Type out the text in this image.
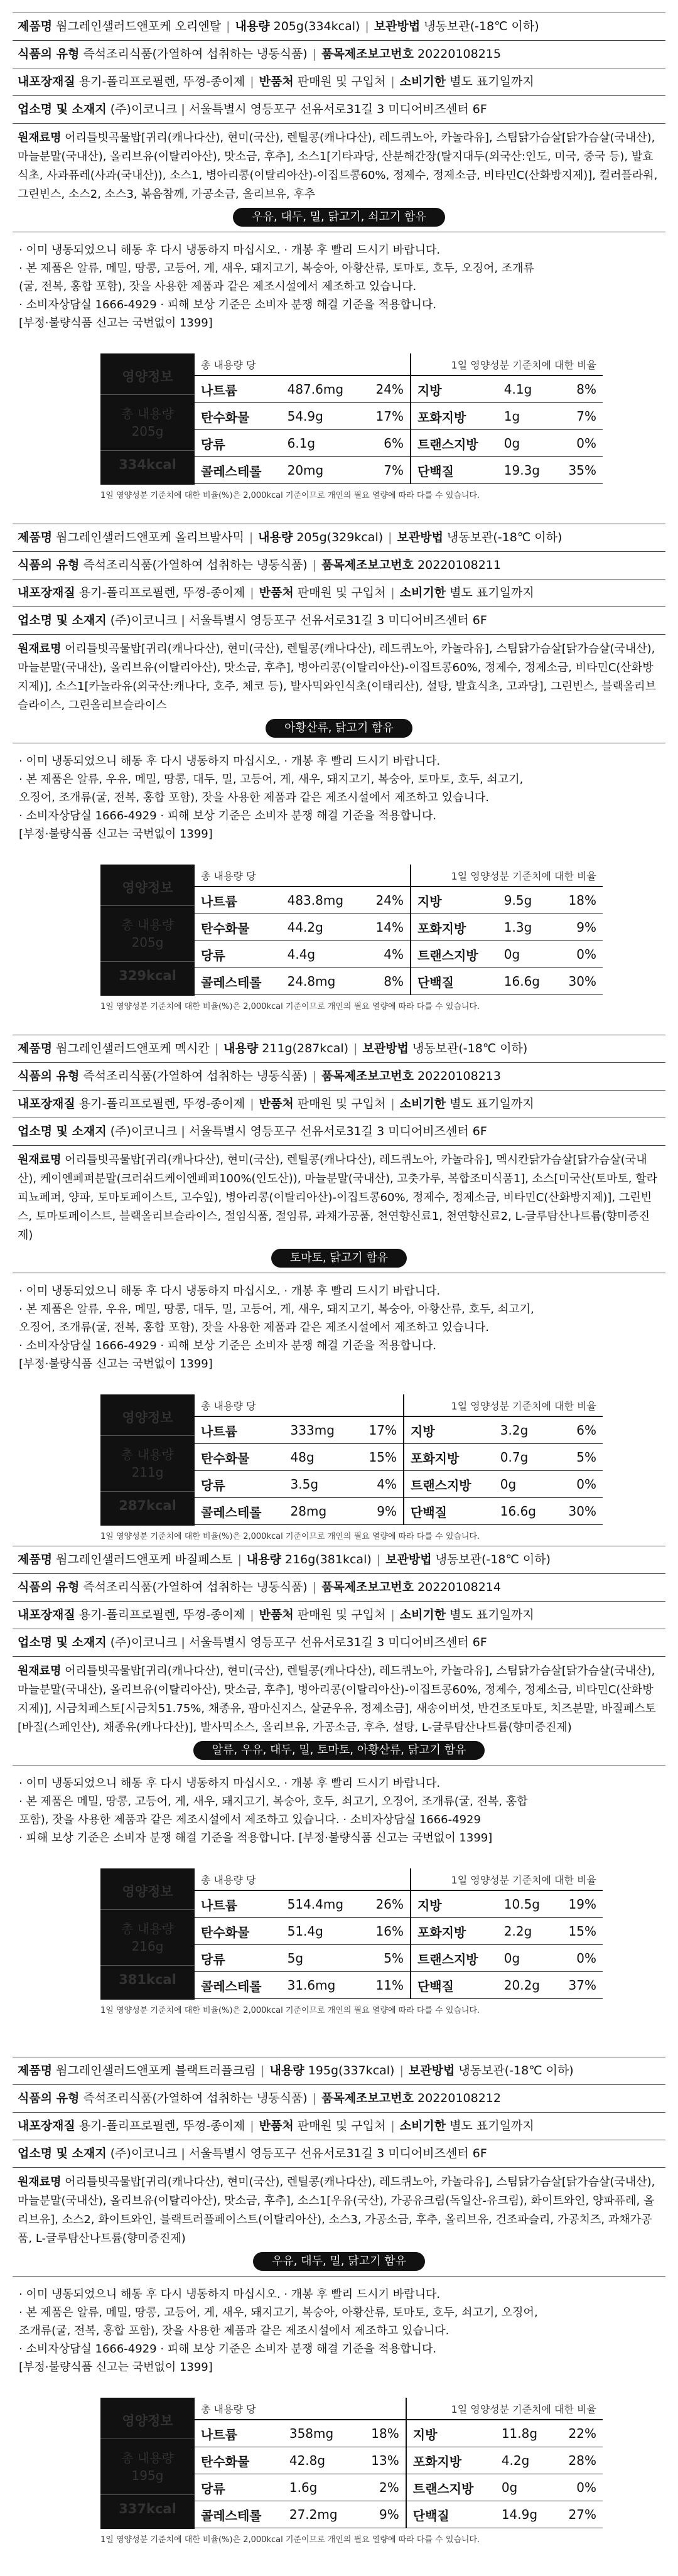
제품명 웜그레인샐러드앤포케 오리엔탈 | 내용량 205g(334kcal) | 보관방법 냉동보관(-18℃ 이하)

식품의 유형 즉석조리식품(가열하여 섭취하는 냉동식품) | 품목제조보고번호 20220108215

내포장재질 용기-폴리프로필렌, 뚜껑-종이제 | 반품처 판매원 및 구입처 | 소비기한 별도 표기일까지

업소명 및 소재지 (주)이코니크 | 서울특별시 영등포구 선유서로31길 3 미디어비즈센터 6F

원재료명 어리틀빗곡물밥[귀리(캐나다산), 현미(국산), 렌틸콩(캐나다산), 레드퀴노아, 카놀라유], 스팀닭가슴살[닭가슴살(국내산), 마늘분말(국내산), 올리브유(이탈리아산), 맛소금, 후추], 소스1[기타과당, 산분해간장(탈지대두(외국산:인도, 미국, 중국 등), 발효식초, 사과퓨레(사과(국내산)), 소스1, 병아리콩(이탈리아산)-이집트콩60%, 정제수, 정제소금, 비타민C(산화방지제)], 컬러플라워, 그린빈스, 소스2, 소스3, 볶음참깨, 가공소금, 올리브유, 후추
우유, 대두, 밀, 닭고기, 쇠고기 함유
· 이미 냉동되었으니 해동 후 다시 냉동하지 마십시오. · 개봉 후 빨리 드시기 바랍니다.
· 본 제품은 알류, 메밀, 땅콩, 고등어, 게, 새우, 돼지고기, 복숭아, 아황산류, 토마토, 호두, 오징어, 조개류
(굴, 전복, 홍합 포함), 잣을 사용한 제품과 같은 제조시설에서 제조하고 있습니다.
· 소비자상담실 1666-4929 · 피해 보상 기준은 소비자 분쟁 해결 기준을 적용합니다.
[부정·불량식품 신고는 국번없이 1399]
영양정보
총 내용량
205g
334kcal	총 내용량 당			1일 영양성분 기준치에 대한 비율		
	나트륨	487.6mg	24%	지방	4.1g	8%
	탄수화물	54.9g	17%	포화지방	1g	7%
	당류	6.1g	6%	트랜스지방	0g	0%
	콜레스테롤	20mg	7%	단백질	19.3g	35%
1일 영양성분 기준치에 대한 비율(%)은 2,000kcal 기준이므로 개인의 필요 열량에 따라 다를 수 있습니다.
제품명 웜그레인샐러드앤포케 올리브발사믹 | 내용량 205g(329kcal) | 보관방법 냉동보관(-18℃ 이하)

식품의 유형 즉석조리식품(가열하여 섭취하는 냉동식품) | 품목제조보고번호 20220108211

내포장재질 용기-폴리프로필렌, 뚜껑-종이제 | 반품처 판매원 및 구입처 | 소비기한 별도 표기일까지

업소명 및 소재지 (주)이코니크 | 서울특별시 영등포구 선유서로31길 3 미디어비즈센터 6F

원재료명 어리틀빗곡물밥[귀리(캐나다산), 현미(국산), 렌틸콩(캐나다산), 레드퀴노아, 카놀라유], 스팀닭가슴살[닭가슴살(국내산), 마늘분말(국내산), 올리브유(이탈리아산), 맛소금, 후추], 병아리콩(이탈리아산)-이집트콩60%, 정제수, 정제소금, 비타민C(산화방지제)], 소스1[카놀라유(외국산:캐나다, 호주, 체코 등), 발사믹와인식초(이태리산), 설탕, 발효식초, 고과당], 그린빈스, 블랙올리브슬라이스, 그린올리브슬라이스
아황산류, 닭고기 함유
· 이미 냉동되었으니 해동 후 다시 냉동하지 마십시오. · 개봉 후 빨리 드시기 바랍니다.
· 본 제품은 알류, 우유, 메밀, 땅콩, 대두, 밀, 고등어, 게, 새우, 돼지고기, 복숭아, 토마토, 호두, 쇠고기,
오징어, 조개류(굴, 전복, 홍합 포함), 잣을 사용한 제품과 같은 제조시설에서 제조하고 있습니다.
· 소비자상담실 1666-4929 · 피해 보상 기준은 소비자 분쟁 해결 기준을 적용합니다.
[부정·불량식품 신고는 국번없이 1399]
영양정보
총 내용량
205g
329kcal	총 내용량 당			1일 영양성분 기준치에 대한 비율		
	나트륨	483.8mg	24%	지방	9.5g	18%
	탄수화물	44.2g	14%	포화지방	1.3g	9%
	당류	4.4g	4%	트랜스지방	0g	0%
	콜레스테롤	24.8mg	8%	단백질	16.6g	30%
1일 영양성분 기준치에 대한 비율(%)은 2,000kcal 기준이므로 개인의 필요 열량에 따라 다를 수 있습니다.
제품명 웜그레인샐러드앤포케 멕시칸 | 내용량 211g(287kcal) | 보관방법 냉동보관(-18℃ 이하)

식품의 유형 즉석조리식품(가열하여 섭취하는 냉동식품) | 품목제조보고번호 20220108213

내포장재질 용기-폴리프로필렌, 뚜껑-종이제 | 반품처 판매원 및 구입처 | 소비기한 별도 표기일까지

업소명 및 소재지 (주)이코니크 | 서울특별시 영등포구 선유서로31길 3 미디어비즈센터 6F

원재료명 어리틀빗곡물밥[귀리(캐나다산), 현미(국산), 렌틸콩(캐나다산), 레드퀴노아, 카놀라유], 멕시칸닭가슴살[닭가슴살(국내산), 케이엔페퍼분말(크러쉬드케이엔페퍼100%(인도산)), 마늘분말(국내산), 고춧가루, 복합조미식품1], 소스[미국산(토마토, 할라피뇨페퍼, 양파, 토마토페이스트, 고수잎), 병아리콩(이탈리아산)-이집트콩60%, 정제수, 정제소금, 비타민C(산화방지제)], 그린빈스, 토마토페이스트, 블랙올리브슬라이스, 절임식품, 절임류, 과채가공품, 천연향신료1, 천연향신료2, L-글루탐산나트륨(향미증진제)
토마토, 닭고기 함유
· 이미 냉동되었으니 해동 후 다시 냉동하지 마십시오. · 개봉 후 빨리 드시기 바랍니다.
· 본 제품은 알류, 우유, 메밀, 땅콩, 대두, 밀, 고등어, 게, 새우, 돼지고기, 복숭아, 아황산류, 호두, 쇠고기,
오징어, 조개류(굴, 전복, 홍합 포함), 잣을 사용한 제품과 같은 제조시설에서 제조하고 있습니다.
· 소비자상담실 1666-4929 · 피해 보상 기준은 소비자 분쟁 해결 기준을 적용합니다.
[부정·불량식품 신고는 국번없이 1399]
영양정보
총 내용량
211g
287kcal	총 내용량 당			1일 영양성분 기준치에 대한 비율		
	나트륨	333mg	17%	지방	3.2g	6%
	탄수화물	48g	15%	포화지방	0.7g	5%
	당류	3.5g	4%	트랜스지방	0g	0%
	콜레스테롤	28mg	9%	단백질	16.6g	30%
1일 영양성분 기준치에 대한 비율(%)은 2,000kcal 기준이므로 개인의 필요 열량에 따라 다를 수 있습니다.
제품명 웜그레인샐러드앤포케 바질페스토 | 내용량 216g(381kcal) | 보관방법 냉동보관(-18℃ 이하)

식품의 유형 즉석조리식품(가열하여 섭취하는 냉동식품) | 품목제조보고번호 20220108214

내포장재질 용기-폴리프로필렌, 뚜껑-종이제 | 반품처 판매원 및 구입처 | 소비기한 별도 표기일까지

업소명 및 소재지 (주)이코니크 | 서울특별시 영등포구 선유서로31길 3 미디어비즈센터 6F

원재료명 어리틀빗곡물밥[귀리(캐나다산), 현미(국산), 렌틸콩(캐나다산), 레드퀴노아, 카놀라유], 스팀닭가슴살[닭가슴살(국내산), 마늘분말(국내산), 올리브유(이탈리아산), 맛소금, 후추], 병아리콩(이탈리아산)-이집트콩60%, 정제수, 정제소금, 비타민C(산화방지제)], 시금치페스토[시금치51.75%, 채종유, 팜마신지스, 살균우유, 정제소금], 새송이버섯, 반건조토마토, 치즈분말, 바질페스토[바질(스페인산), 채종유(캐나다산)], 발사믹소스, 올리브유, 가공소금, 후추, 설탕, L-글루탐산나트륨(향미증진제)
알류, 우유, 대두, 밀, 토마토, 아황산류, 닭고기 함유
· 이미 냉동되었으니 해동 후 다시 냉동하지 마십시오. · 개봉 후 빨리 드시기 바랍니다.
· 본 제품은 메밀, 땅콩, 고등어, 게, 새우, 돼지고기, 복숭아, 호두, 쇠고기, 오징어, 조개류(굴, 전복, 홍합
포함), 잣을 사용한 제품과 같은 제조시설에서 제조하고 있습니다. · 소비자상담실 1666-4929
· 피해 보상 기준은 소비자 분쟁 해결 기준을 적용합니다. [부정·불량식품 신고는 국번없이 1399]
영양정보
총 내용량
216g
381kcal	총 내용량 당			1일 영양성분 기준치에 대한 비율		
	나트륨	514.4mg	26%	지방	10.5g	19%
	탄수화물	51.4g	16%	포화지방	2.2g	15%
	당류	5g	5%	트랜스지방	0g	0%
	콜레스테롤	31.6mg	11%	단백질	20.2g	37%
1일 영양성분 기준치에 대한 비율(%)은 2,000kcal 기준이므로 개인의 필요 열량에 따라 다를 수 있습니다.
제품명 웜그레인샐러드앤포케 블랙트러플크림 | 내용량 195g(337kcal) | 보관방법 냉동보관(-18℃ 이하)

식품의 유형 즉석조리식품(가열하여 섭취하는 냉동식품) | 품목제조보고번호 20220108212

내포장재질 용기-폴리프로필렌, 뚜껑-종이제 | 반품처 판매원 및 구입처 | 소비기한 별도 표기일까지

업소명 및 소재지 (주)이코니크 | 서울특별시 영등포구 선유서로31길 3 미디어비즈센터 6F

원재료명 어리틀빗곡물밥[귀리(캐나다산), 현미(국산), 렌틸콩(캐나다산), 레드퀴노아, 카놀라유], 스팀닭가슴살[닭가슴살(국내산), 마늘분말(국내산), 올리브유(이탈리아산), 맛소금, 후추], 소스1[우유(국산), 가공유크림(독일산-유크림), 화이트와인, 양파퓨레, 올리브유], 소스2, 화이트와인, 블랙트러플페이스트(이탈리아산), 소스3, 가공소금, 후추, 올리브유, 건조파슬리, 가공치즈, 과채가공품, L-글루탐산나트륨(향미증진제)
우유, 대두, 밀, 닭고기 함유
· 이미 냉동되었으니 해동 후 다시 냉동하지 마십시오. · 개봉 후 빨리 드시기 바랍니다.
· 본 제품은 알류, 메밀, 땅콩, 고등어, 게, 새우, 돼지고기, 복숭아, 아황산류, 토마토, 호두, 쇠고기, 오징어,
조개류(굴, 전복, 홍합 포함), 잣을 사용한 제품과 같은 제조시설에서 제조하고 있습니다.
· 소비자상담실 1666-4929 · 피해 보상 기준은 소비자 분쟁 해결 기준을 적용합니다.
[부정·불량식품 신고는 국번없이 1399]
영양정보
총 내용량
195g
337kcal	총 내용량 당			1일 영양성분 기준치에 대한 비율		
	나트륨	358mg	18%	지방	11.8g	22%
	탄수화물	42.8g	13%	포화지방	4.2g	28%
	당류	1.6g	2%	트랜스지방	0g	0%
	콜레스테롤	27.2mg	9%	단백질	14.9g	27%
1일 영양성분 기준치에 대한 비율(%)은 2,000kcal 기준이므로 개인의 필요 열량에 따라 다를 수 있습니다.
